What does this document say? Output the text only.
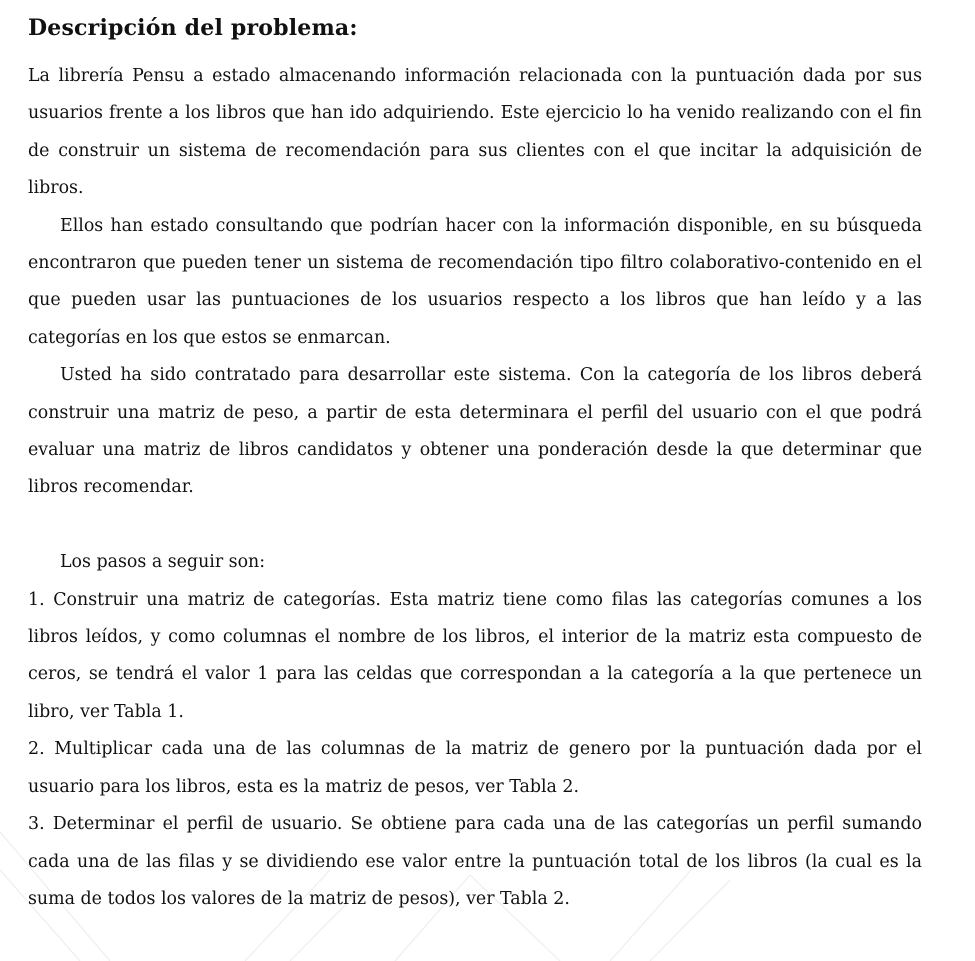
Descripción del problema:

La librería Pensu a estado almacenando información relacionada con la puntuación dada por sus usuarios frente a los libros que han ido adquiriendo. Este ejercicio lo ha venido realizando con el fin de construir un sistema de recomendación para sus clientes con el que incitar la adquisición de libros.

Ellos han estado consultando que podrían hacer con la información disponible, en su búsqueda encontraron que pueden tener un sistema de recomendación tipo filtro colaborativo-contenido en el que pueden usar las puntuaciones de los usuarios respecto a los libros que han leído y a las categorías en los que estos se enmarcan.

Usted ha sido contratado para desarrollar este sistema. Con la categoría de los libros deberá construir una matriz de peso, a partir de esta determinara el perfil del usuario con el que podrá evaluar una matriz de libros candidatos y obtener una ponderación desde la que determinar que libros recomendar.

Los pasos a seguir son:

1. Construir una matriz de categorías. Esta matriz tiene como filas las categorías comunes a los libros leídos, y como columnas el nombre de los libros, el interior de la matriz esta compuesto de ceros, se tendrá el valor 1 para las celdas que correspondan a la categoría a la que pertenece un libro, ver Tabla 1.

2. Multiplicar cada una de las columnas de la matriz de genero por la puntuación dada por el usuario para los libros, esta es la matriz de pesos, ver Tabla 2.

3. Determinar el perfil de usuario. Se obtiene para cada una de las categorías un perfil sumando cada una de las filas y se dividiendo ese valor entre la puntuación total de los libros (la cual es la suma de todos los valores de la matriz de pesos), ver Tabla 2.
